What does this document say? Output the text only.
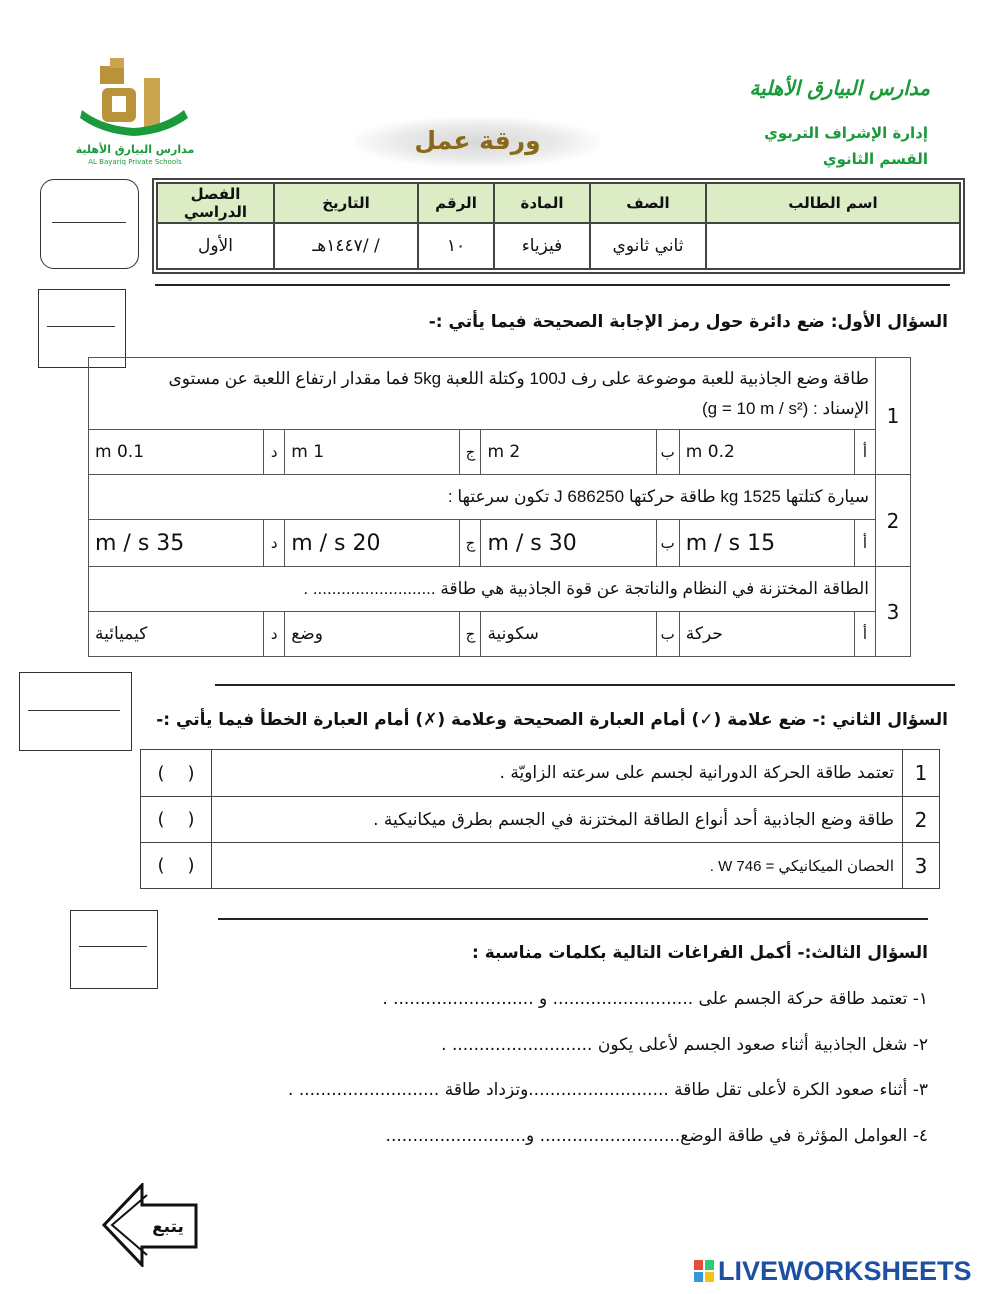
مدارس البيارق الأهلية
AL Bayariq Private Schools
ورقة عمل
مدارس البيارق الأهلية
إدارة الإشراف التربوي
القسم الثانوي
اسم الطالب	الصف	المادة	الرقم	التاريخ	الفصل الدراسي
	ثاني ثانوي	فيزياء	١٠	/ /١٤٤٧هـ	الأول
السؤال الأول: ضع دائرة حول رمز الإجابة الصحيحة فيما يأتي :-
1	طاقة وضع الجاذبية للعبة موضوعة على رف 100J وكتلة اللعبة 5kg فما مقدار ارتفاع اللعبة عن مستوى
الإسناد : (g = 10 m / s²)							

	أ	0.2 m	ب	2 m	ج	1 m	د	0.1 m
2	سيارة كتلتها 1525 kg طاقة حركتها 686250 J تكون سرعتها :							
	أ	15 m / s	ب	30 m / s	ج	20 m / s	د	35 m / s
3	الطاقة المختزنة في النظام والناتجة عن قوة الجاذبية هي طاقة .......................... .							
	أ	حركة	ب	سكونية	ج	وضع	د	كيميائية
السؤال الثاني :- ضع علامة (✓) أمام العبارة الصحيحة وعلامة (✗) أمام العبارة الخطأ فيما يأتي :-
1	تعتمد طاقة الحركة الدورانية لجسم على سرعته الزاويّة .	(    )
2	طاقة وضع الجاذبية أحد أنواع الطاقة المختزنة في الجسم بطرق ميكانيكية .	(    )
3	الحصان الميكانيكي = 746 W .	(    )
السؤال الثالث:- أكمل الفراغات التالية بكلمات مناسبة :
١- تعتمد طاقة حركة الجسم على .......................... و .......................... .
٢- شغل الجاذبية أثناء صعود الجسم لأعلى يكون .......................... .
٣- أثناء صعود الكرة لأعلى تقل طاقة ..........................وتزداد طاقة .......................... .
٤- العوامل المؤثرة في طاقة الوضع.......................... و..........................
يتبع
LIVEWORKSHEETS
